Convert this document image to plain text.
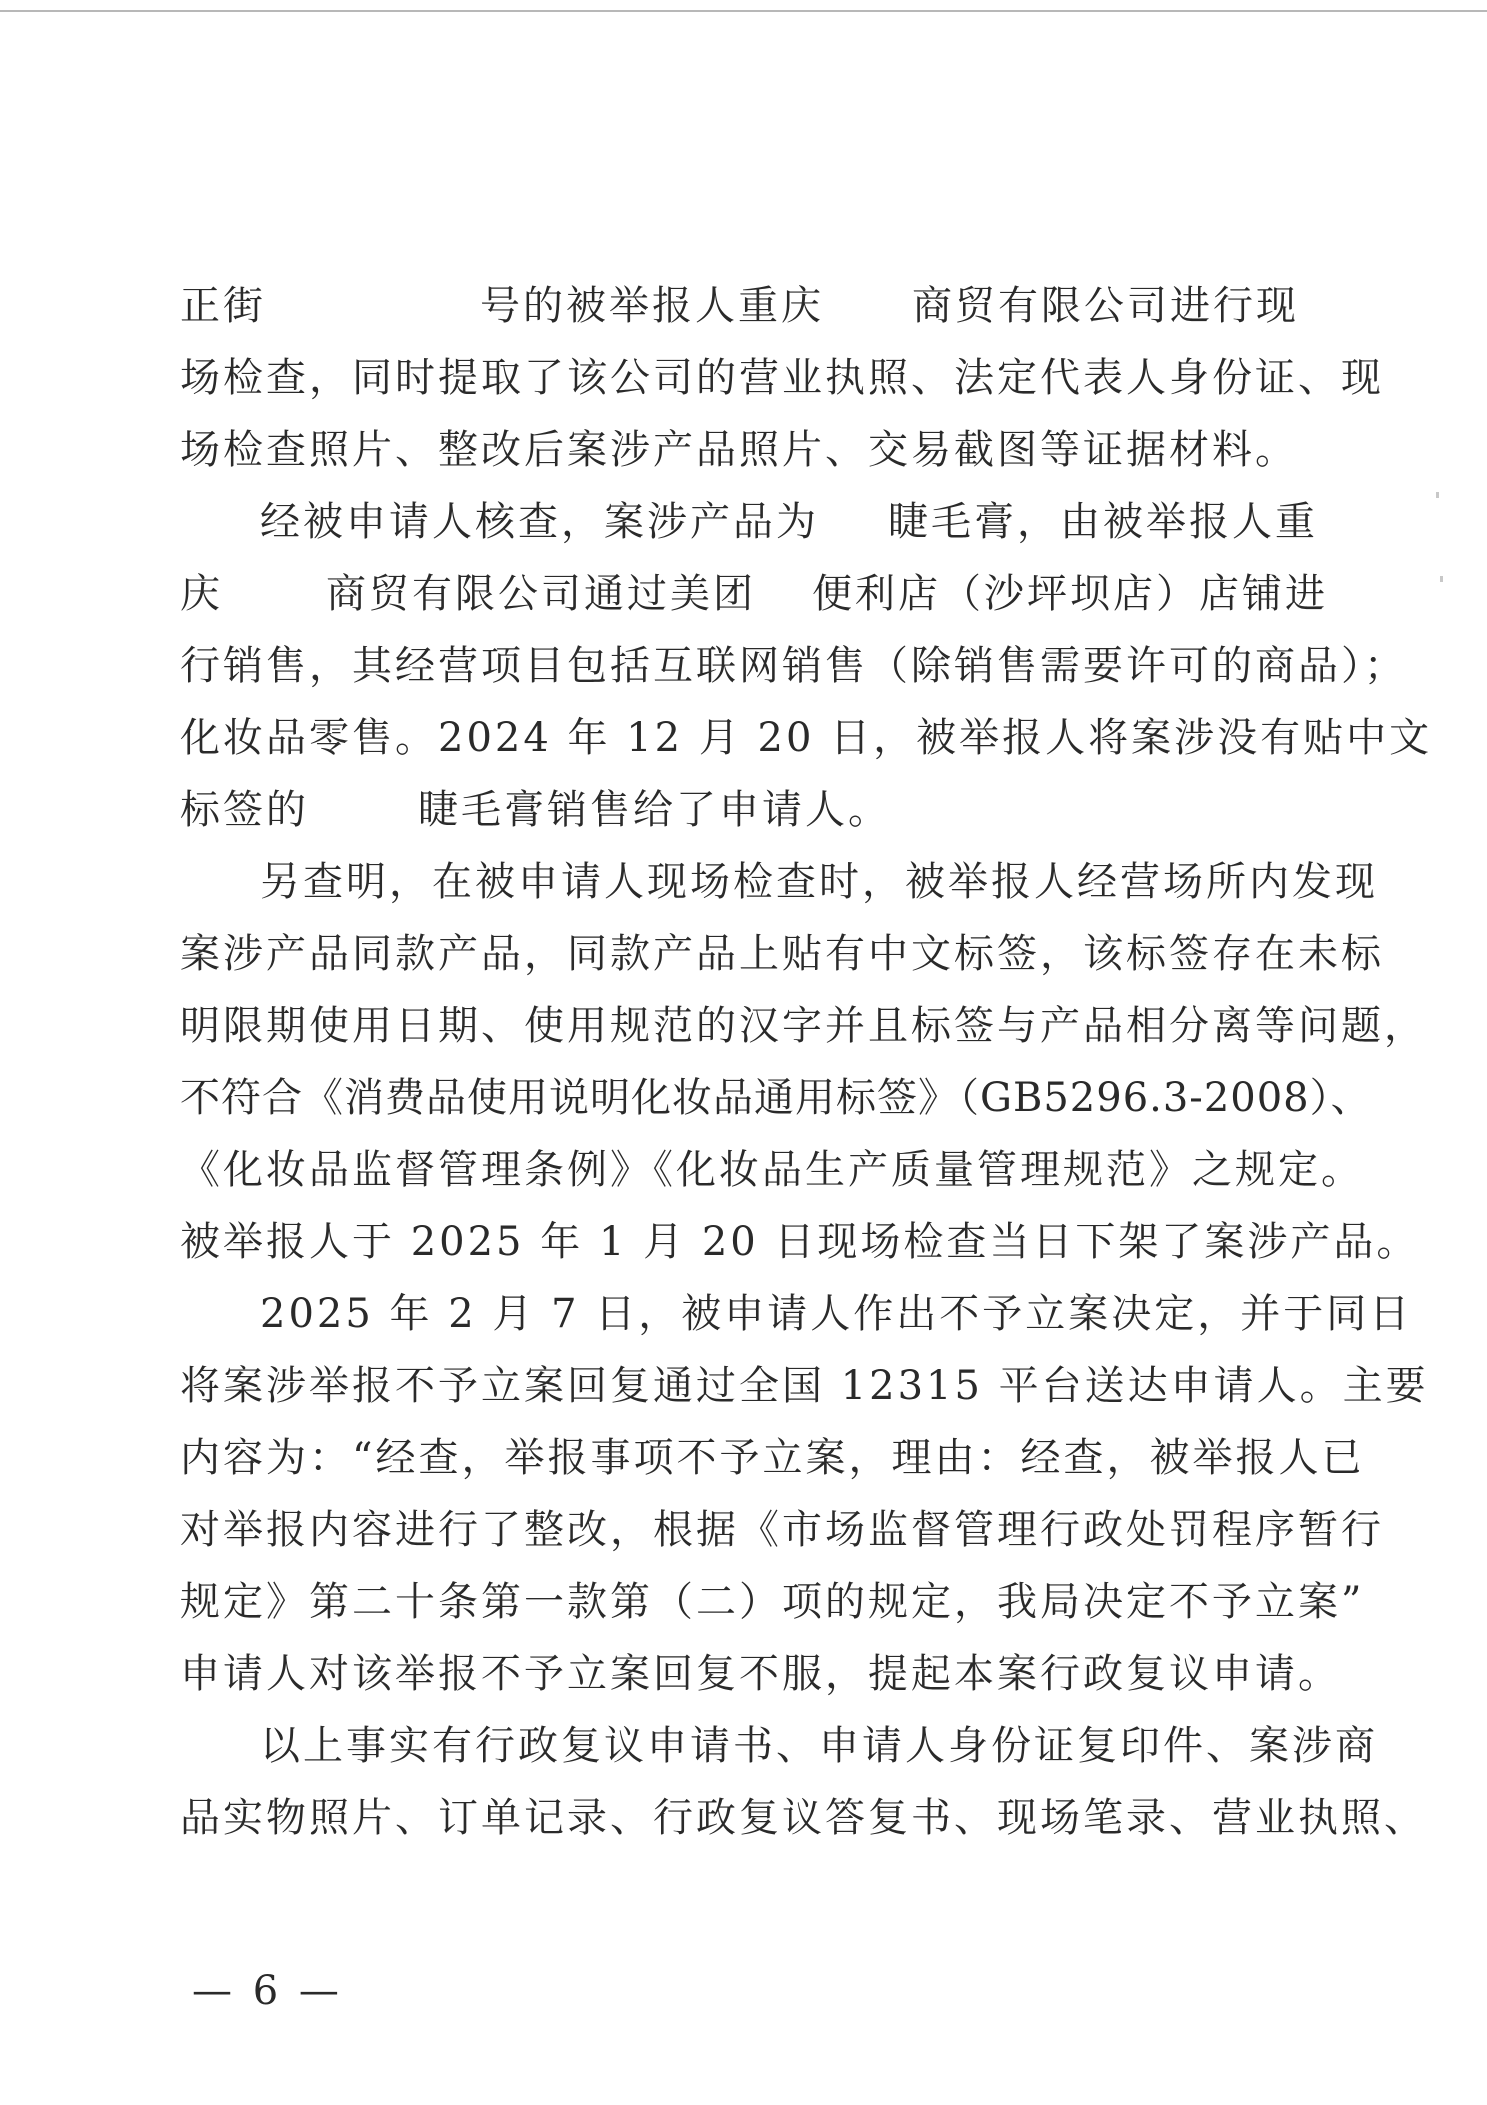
正街	号的被举报人重庆 商贸有限公司进行现
场检查，同时提取了该公司的营业执照、法定代表人身份证、现
场检查照片、整改后案涉产品照片、交易截图等证据材料。
经被申请人核查，案涉产品为 睫毛膏，由被举报人重
庆	商贸有限公司通过美团 便利店（沙坪坝店）店铺进
行销售，其经营项目包括互联网销售（除销售需要许可的商品）；
化妆品零售。2024 年 12 月 20 日，被举报人将案涉没有贴中文
标签的	睫毛膏销售给了申请人。
另查明，在被申请人现场检查时，被举报人经营场所内发现
案涉产品同款产品，同款产品上贴有中文标签，该标签存在未标
明限期使用日期、使用规范的汉字并且标签与产品相分离等问题，
不符合《消费品使用说明化妆品通用标签》（GB5296.3-2008）、
《化妆品监督管理条例》《化妆品生产质量管理规范》之规定。
被举报人于 2025 年 1 月 20 日现场检查当日下架了案涉产品。
2025 年 2 月 7 日，被申请人作出不予立案决定，并于同日
将案涉举报不予立案回复通过全国 12315 平台送达申请人。主要
内容为：“经查，举报事项不予立案，理由：经查，被举报人已
对举报内容进行了整改，根据《市场监督管理行政处罚程序暂行
规定》第二十条第一款第（二）项的规定，我局决定不予立案”
申请人对该举报不予立案回复不服，提起本案行政复议申请。
以上事实有行政复议申请书、申请人身份证复印件、案涉商
品实物照片、订单记录、行政复议答复书、现场笔录、营业执照、
— 6 —
